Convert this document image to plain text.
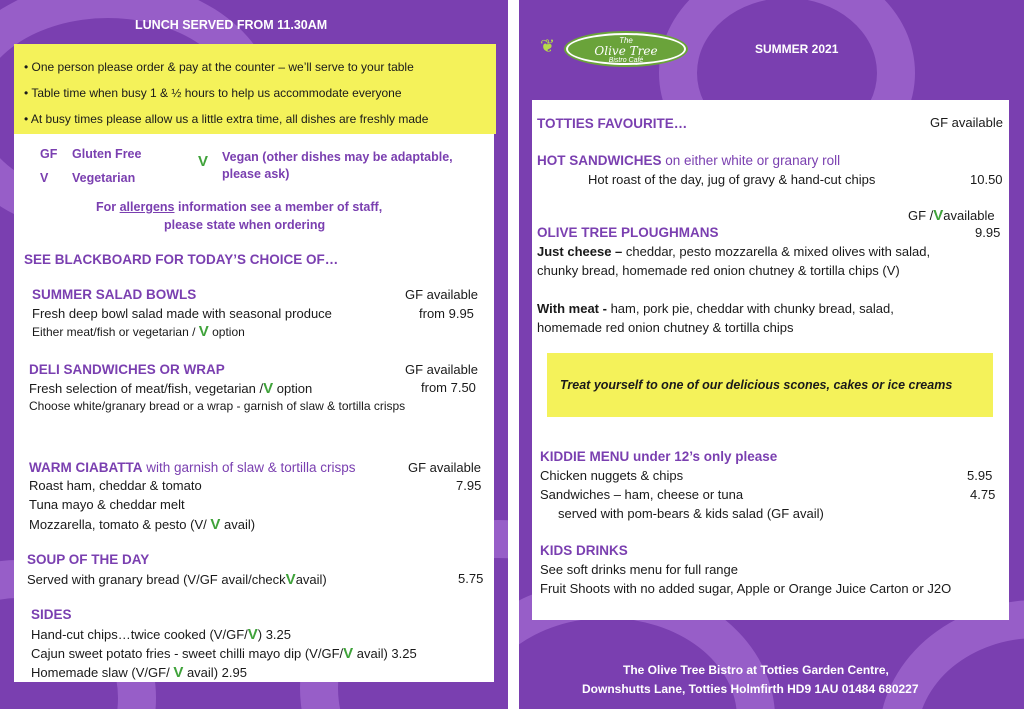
LUNCH SERVED FROM 11.30AM
• One person please order & pay at the counter – we’ll serve to your table
• Table time when busy 1 & ½ hours to help us accommodate everyone
• At busy times please allow us a little extra time, all dishes are freshly made
GF Gluten Free
V Vegetarian
V Vegan (other dishes may be adaptable,
please ask)
For allergens information see a member of staff,
please state when ordering
SEE BLACKBOARD FOR TODAY’S CHOICE OF…
SUMMER SALAD BOWLS	GF available
Fresh deep bowl salad made with seasonal produce	from 9.95
Either meat/fish or vegetarian / V option
DELI SANDWICHES OR WRAP	GF available
Fresh selection of meat/fish, vegetarian /V option	from 7.50
Choose white/granary bread or a wrap - garnish of slaw & tortilla crisps
WARM CIABATTA with garnish of slaw & tortilla crisps	GF available
Roast ham, cheddar & tomato	7.95
Tuna mayo & cheddar melt
Mozzarella, tomato & pesto (V/ V avail)
SOUP OF THE DAY
Served with granary bread (V/GF avail/checkVavail)	5.75
SIDES
Hand-cut chips…twice cooked (V/GF/V) 3.25
Cajun sweet potato fries - sweet chilli mayo dip (V/GF/V avail) 3.25
Homemade slaw (V/GF/ V avail) 2.95
❦	The
Olive Tree
Bistro Café
SUMMER 2021
TOTTIES FAVOURITE…	GF available
HOT SANDWICHES on either white or granary roll
Hot roast of the day, jug of gravy & hand-cut chips	10.50
GF /Vavailable
OLIVE TREE PLOUGHMANS	9.95
Just cheese – cheddar, pesto mozzarella & mixed olives with salad,
chunky bread, homemade red onion chutney & tortilla chips (V)
With meat - ham, pork pie, cheddar with chunky bread, salad,
homemade red onion chutney & tortilla chips
Treat yourself to one of our delicious scones, cakes or ice creams
KIDDIE MENU under 12’s only please
Chicken nuggets & chips	5.95
Sandwiches – ham, cheese or tuna	4.75
served with pom-bears & kids salad (GF avail)
KIDS DRINKS
See soft drinks menu for full range
Fruit Shoots with no added sugar, Apple or Orange Juice Carton or J2O
The Olive Tree Bistro at Totties Garden Centre,
Downshutts Lane, Totties Holmfirth HD9 1AU 01484 680227
